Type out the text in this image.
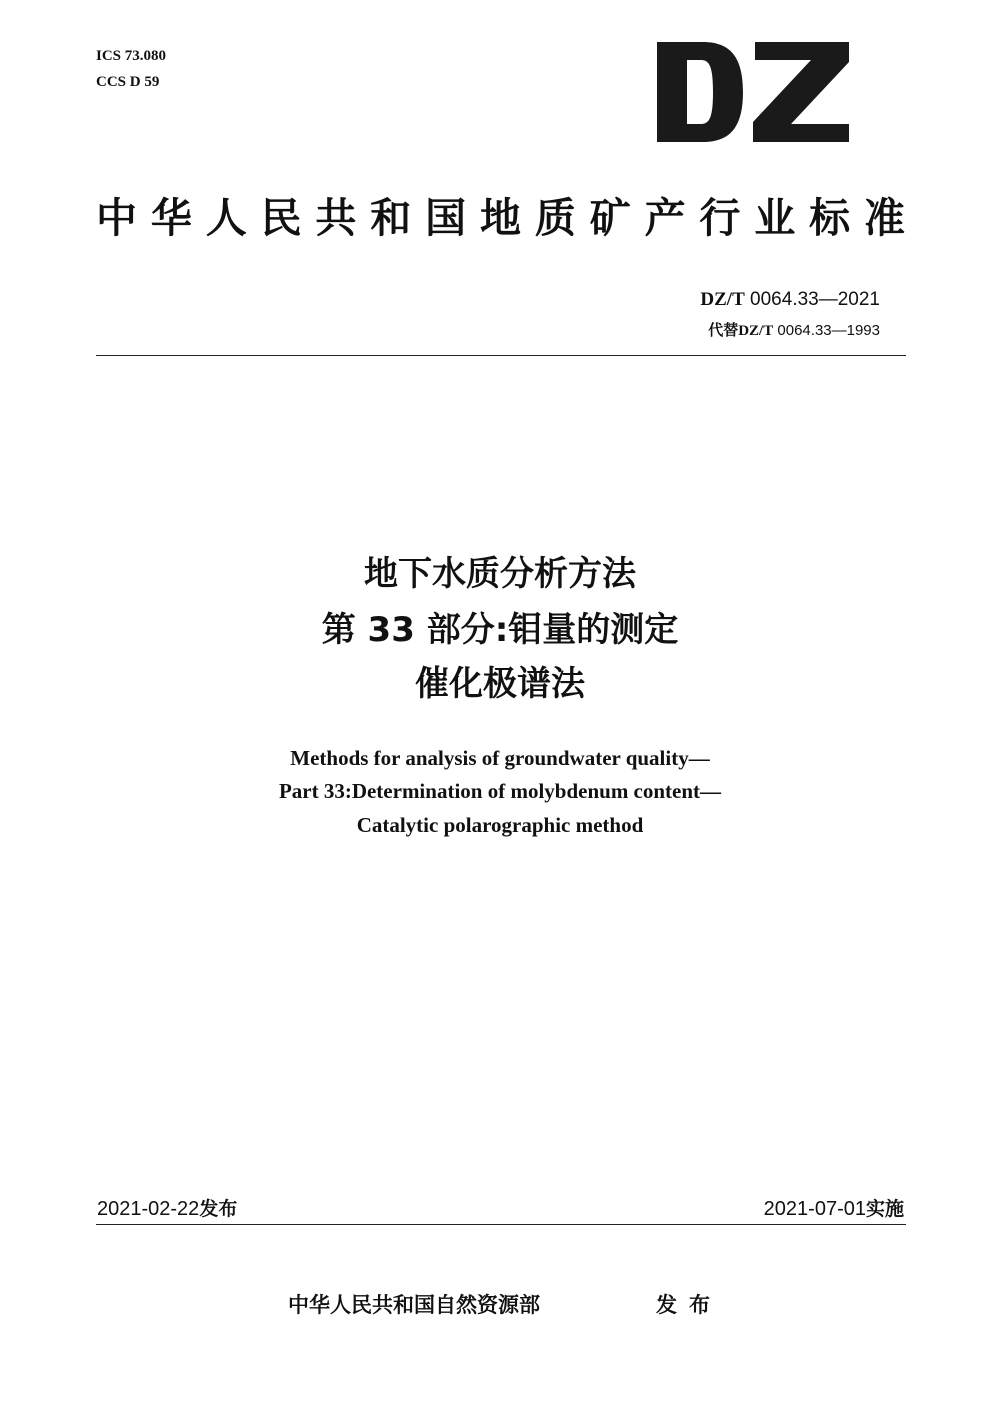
ICS 73.080
CCS D 59
中华人民共和国地质矿产行业标准
DZ/T 0064.33—2021
代替DZ/T 0064.33—1993
地下水质分析方法
第 33 部分:钼量的测定
催化极谱法
Methods for analysis of groundwater quality—
Part 33:Determination of molybdenum content—
Catalytic polarographic method
2021-02-22发布	2021-07-01实施
中华人民共和国自然资源部	发布
